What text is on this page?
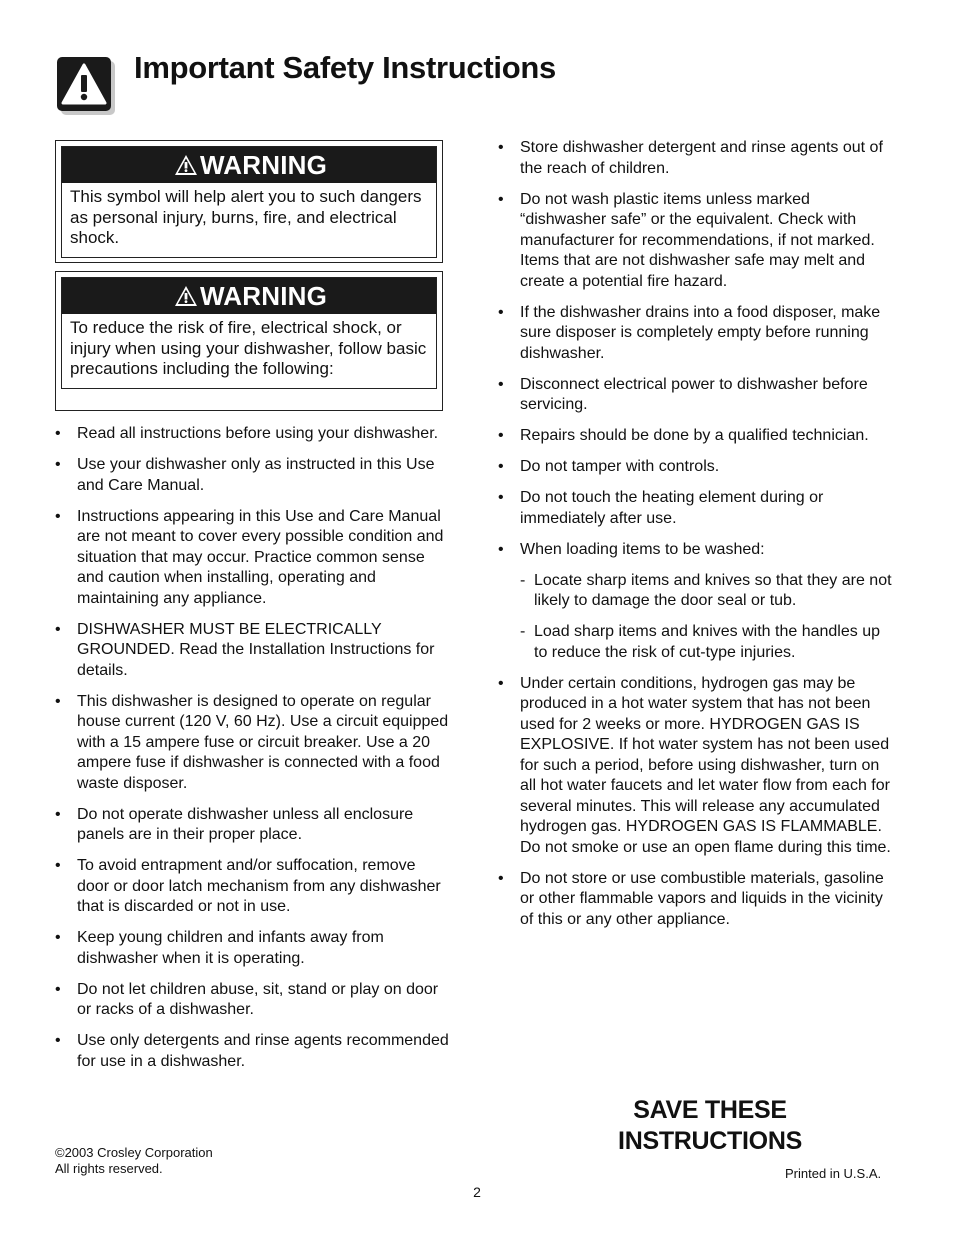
Important Safety Instructions
WARNING
This symbol will help alert you to such dangers as personal injury, burns, fire, and electrical shock.
WARNING
To reduce the risk of fire, electrical shock, or injury when using your dishwasher, follow basic precautions including the following:
• Read all instructions before using your dishwasher.
• Use your dishwasher only as instructed in this Use and Care Manual.
• Instructions appearing in this Use and Care Manual are not meant to cover every possible condition and situation that may occur. Practice common sense and caution when installing, operating and maintaining any appliance.
• DISHWASHER MUST BE ELECTRICALLY GROUNDED. Read the Installation Instructions for details.
• This dishwasher is designed to operate on regular house current (120 V, 60 Hz). Use a circuit equipped with a 15 ampere fuse or circuit breaker. Use a 20 ampere fuse if dishwasher is connected with a food waste disposer.
• Do not operate dishwasher unless all enclosure panels are in their proper place.
• To avoid entrapment and/or suffocation, remove door or door latch mechanism from any dishwasher that is discarded or not in use.
• Keep young children and infants away from dishwasher when it is operating.
• Do not let children abuse, sit, stand or play on door or racks of a dishwasher.
• Use only detergents and rinse agents recommended for use in a dishwasher.
• Store dishwasher detergent and rinse agents out of the reach of children.
• Do not wash plastic items unless marked “dishwasher safe” or the equivalent. Check with manufacturer for recommendations, if not marked. Items that are not dishwasher safe may melt and create a potential fire hazard.
• If the dishwasher drains into a food disposer, make sure disposer is completely empty before running dishwasher.
• Disconnect electrical power to dishwasher before servicing.
• Repairs should be done by a qualified technician.
• Do not tamper with controls.
• Do not touch the heating element during or immediately after use.
• When loading items to be washed:
- Locate sharp items and knives so that they are not likely to damage the door seal or tub.
- Load sharp items and knives with the handles up to reduce the risk of cut-type injuries.
• Under certain conditions, hydrogen gas may be produced in a hot water system that has not been used for 2 weeks or more. HYDROGEN GAS IS EXPLOSIVE. If hot water system has not been used for such a period, before using dishwasher, turn on all hot water faucets and let water flow from each for several minutes. This will release any accumulated hydrogen gas. HYDROGEN GAS IS FLAMMABLE. Do not smoke or use an open flame during this time.
• Do not store or use combustible materials, gasoline or other flammable vapors and liquids in the vicinity of this or any other appliance.
SAVE THESE
INSTRUCTIONS
©2003 Crosley Corporation
All rights reserved.	Printed in U.S.A.
2
